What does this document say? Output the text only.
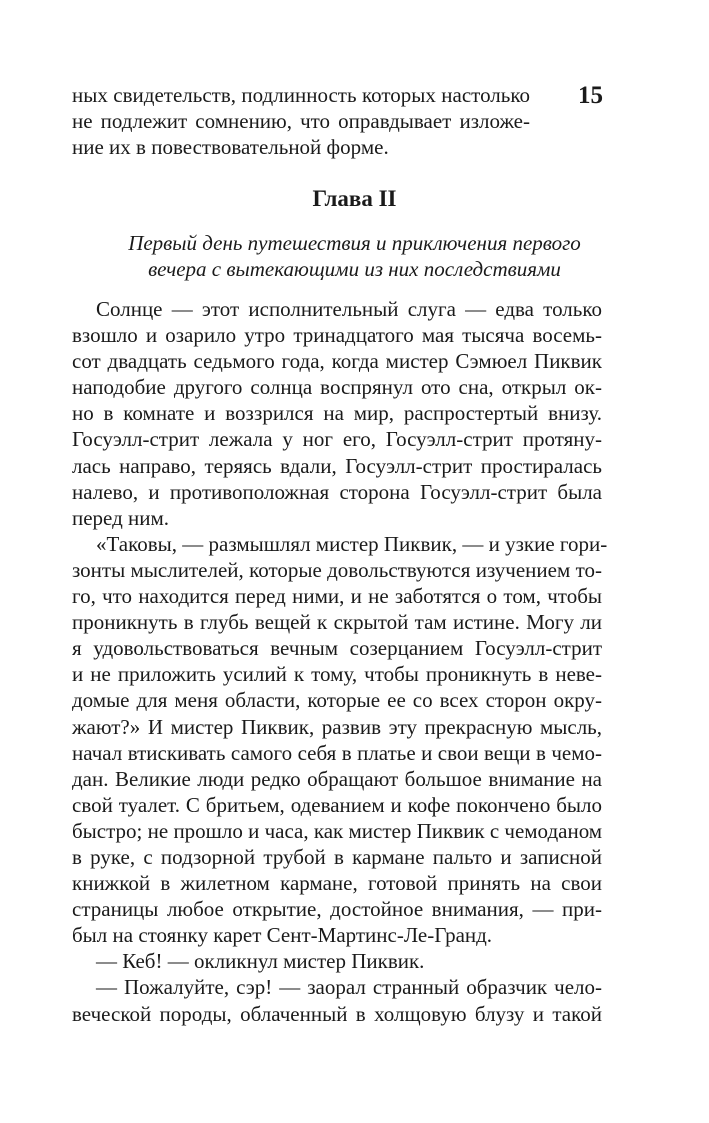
15
ных свидетельств, подлинность которых настолько
не подлежит сомнению, что оправдывает изложе-
ние их в повествовательной форме.
Глава II
Первый день путешествия и приключения первого
вечера с вытекающими из них последствиями
Солнце — этот исполнительный слуга — едва только
взошло и озарило утро тринадцатого мая тысяча восемь-
сот двадцать седьмого года, когда мистер Сэмюел Пиквик
наподобие другого солнца воспрянул ото сна, открыл ок-
но в комнате и воззрился на мир, распростертый внизу.
Госуэлл-стрит лежала у ног его, Госуэлл-стрит протяну-
лась направо, теряясь вдали, Госуэлл-стрит простиралась
налево, и противоположная сторона Госуэлл-стрит была
перед ним.
«Таковы, — размышлял мистер Пиквик, — и узкие гори-
зонты мыслителей, которые довольствуются изучением то-
го, что находится перед ними, и не заботятся о том, чтобы
проникнуть в глубь вещей к скрытой там истине. Могу ли
я удовольствоваться вечным созерцанием Госуэлл-стрит
и не приложить усилий к тому, чтобы проникнуть в неве-
домые для меня области, которые ее со всех сторон окру-
жают?» И мистер Пиквик, развив эту прекрасную мысль,
начал втискивать самого себя в платье и свои вещи в чемо-
дан. Великие люди редко обращают большое внимание на
свой туалет. С бритьем, одеванием и кофе покончено было
быстро; не прошло и часа, как мистер Пиквик с чемоданом
в руке, с подзорной трубой в кармане пальто и записной
книжкой в жилетном кармане, готовой принять на свои
страницы любое открытие, достойное внимания, — при-
был на стоянку карет Сент-Мартинс-Ле-Гранд.
— Кеб! — окликнул мистер Пиквик.
— Пожалуйте, сэр! — заорал странный образчик чело-
веческой породы, облаченный в холщовую блузу и такой
